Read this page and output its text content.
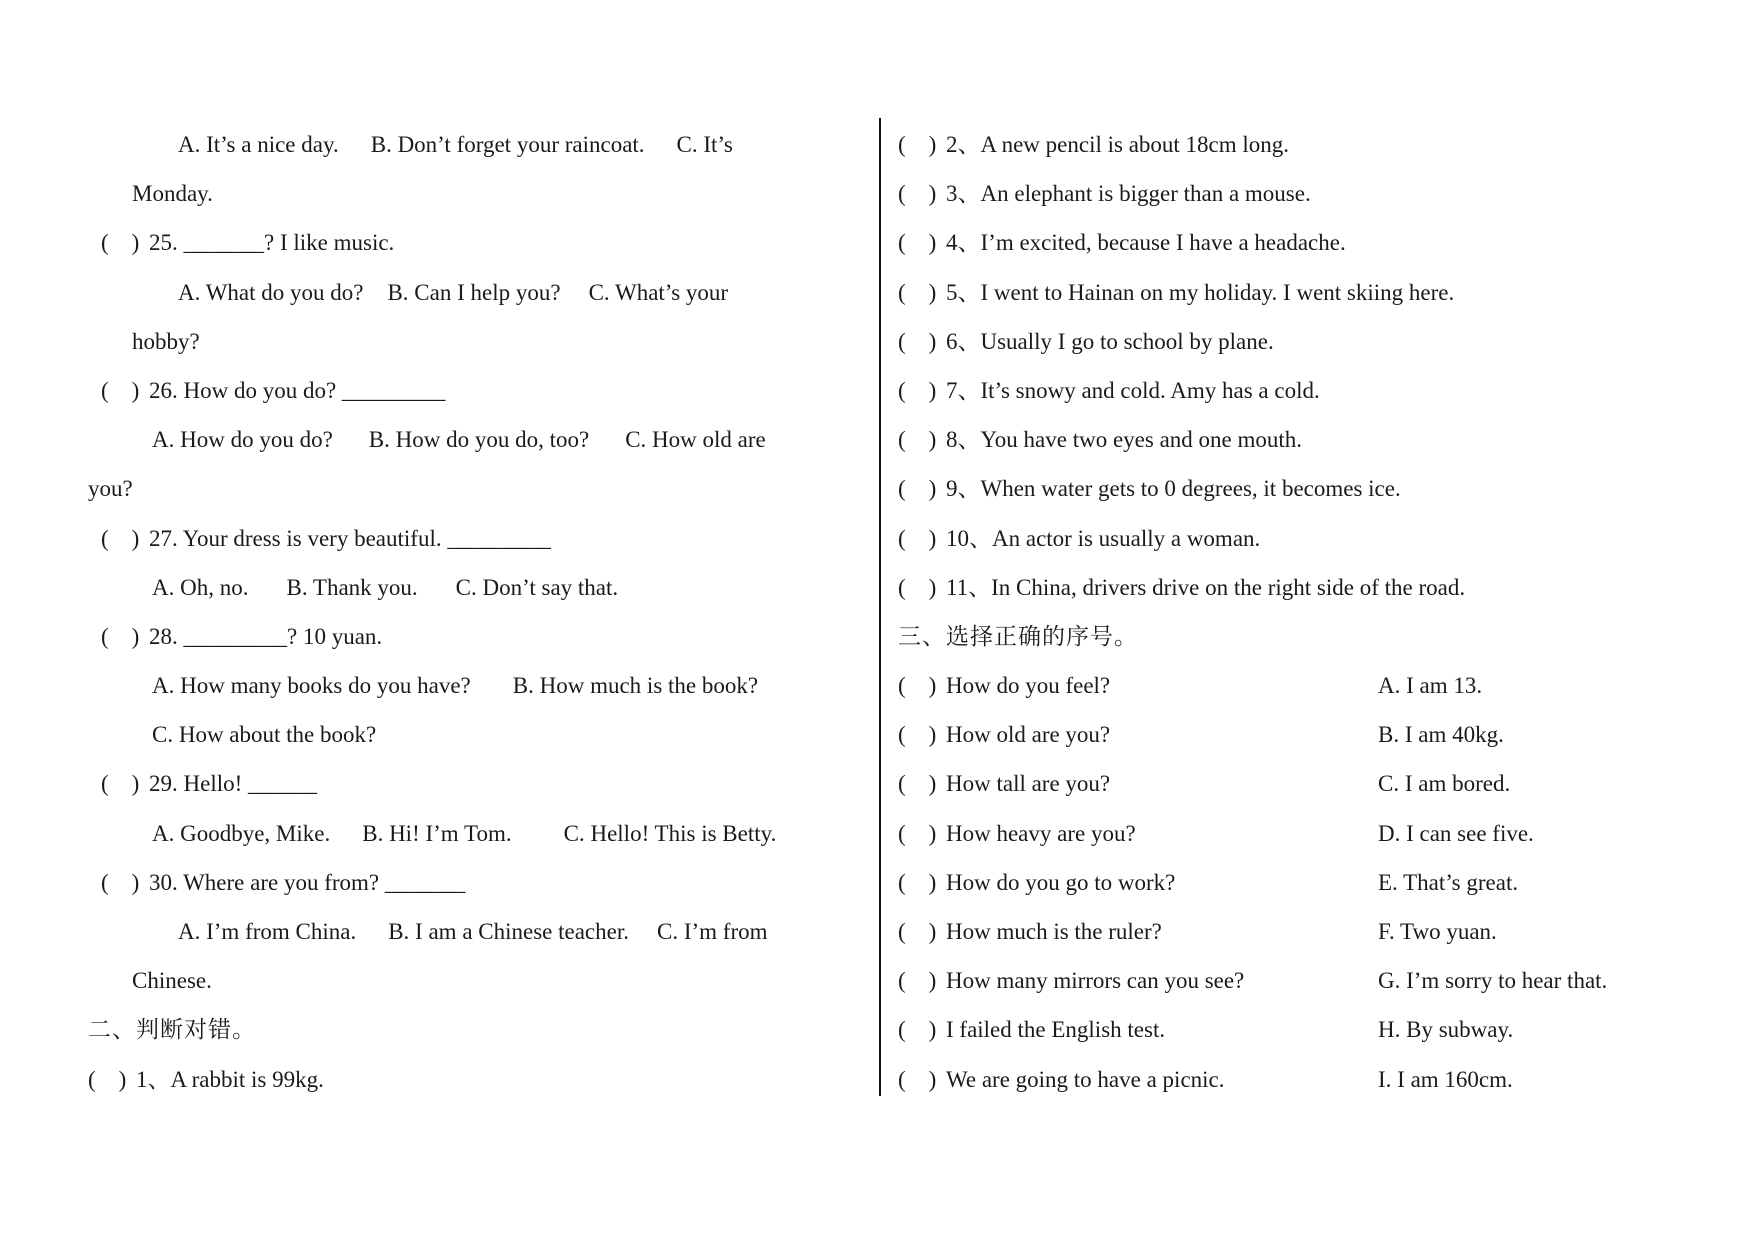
A. It’s a nice day. B. Don’t forget your raincoat. C. It’s
Monday.
(　) 25. _______? I like music.
A. What do you do? B. Can I help you? C. What’s your
hobby?
(　) 26. How do you do? _________
A. How do you do? B. How do you do, too? C. How old are
you?
(　) 27. Your dress is very beautiful. _________
A. Oh, no. B. Thank you. C. Don’t say that.
(　) 28. _________? 10 yuan.
A. How many books do you have? B. How much is the book?
C. How about the book?
(　) 29. Hello! ______
A. Goodbye, Mike. B. Hi! I’m Tom. C. Hello! This is Betty.
(　) 30. Where are you from? _______
A. I’m from China. B. I am a Chinese teacher. C. I’m from
Chinese.
二、判断对错。
(　) 1、A rabbit is 99kg.
(　) 2、A new pencil is about 18cm long.
(　) 3、An elephant is bigger than a mouse.
(　) 4、I’m excited, because I have a headache.
(　) 5、I went to Hainan on my holiday. I went skiing here.
(　) 6、Usually I go to school by plane.
(　) 7、It’s snowy and cold. Amy has a cold.
(　) 8、You have two eyes and one mouth.
(　) 9、When water gets to 0 degrees, it becomes ice.
(　) 10、An actor is usually a woman.
(　) 11、In China, drivers drive on the right side of the road.
三、选择正确的序号。
(　) How do you feel?	A. I am 13.
(　) How old are you?	B. I am 40kg.
(　) How tall are you?	C. I am bored.
(　) How heavy are you?	D. I can see five.
(　) How do you go to work?	E. That’s great.
(　) How much is the ruler?	F. Two yuan.
(　) How many mirrors can you see?	G. I’m sorry to hear that.
(　) I failed the English test.	H. By subway.
(　) We are going to have a picnic.	I. I am 160cm.
